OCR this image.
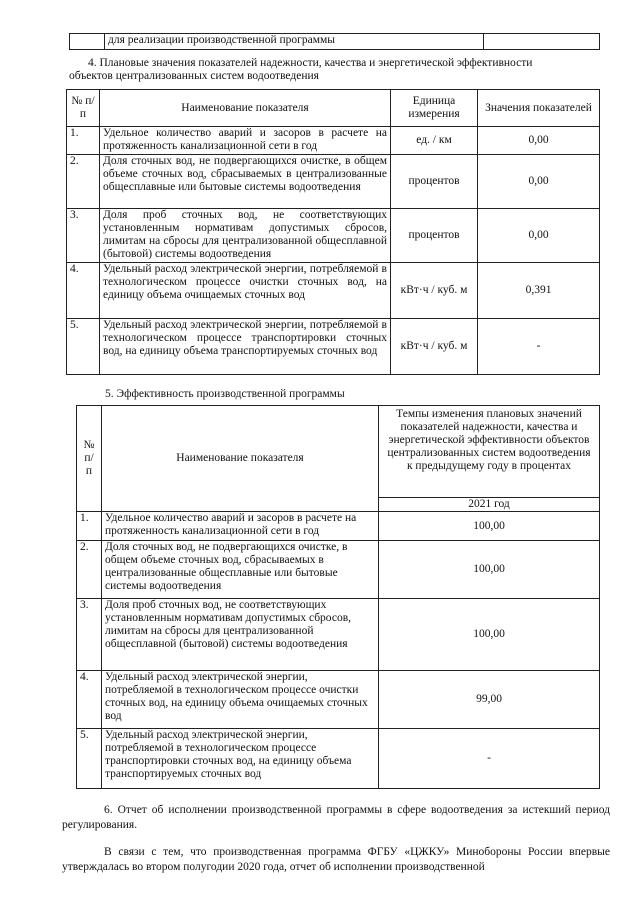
	для реализации производственной программы	
4. Плановые значения показателей надежности, качества и энергетической эффективности
объектов централизованных систем водоотведения
№ п/п	Наименование показателя	Единица измерения	Значения показателей
1.	Удельное количество аварий и засоров в расчете на протяженность канализационной сети в год	ед. / км	0,00
2.	Доля сточных вод, не подвергающихся очистке, в общем объеме сточных вод, сбрасываемых в централизованные общесплавные или бытовые системы водоотведения	процентов	0,00
3.	Доля проб сточных вод, не соответствующих установленным нормативам допустимых сбросов, лимитам на сбросы для централизованной общесплавной (бытовой) системы водоотведения	процентов	0,00
4.	Удельный расход электрической энергии, потребляемой в технологическом процессе очистки сточных вод, на единицу объема очищаемых сточных вод	кВт·ч / куб. м	0,391
5.	Удельный расход электрической энергии, потребляемой в технологическом процессе транспортировки сточных вод, на единицу объема транспортируемых сточных вод	кВт·ч / куб. м	-
5. Эффективность производственной программы
№ п/ п	Наименование показателя	Темпы изменения плановых значений показателей надежности, качества и энергетической эффективности объектов централизованных систем водоотведения к предыдущему году в процентах
		2021 год
1.	Удельное количество аварий и засоров в расчете на протяженность канализационной сети в год	100,00
2.	Доля сточных вод, не подвергающихся очистке, в общем объеме сточных вод, сбрасываемых в централизованные общесплавные или бытовые системы водоотведения	100,00
3.	Доля проб сточных вод, не соответствующих установленным нормативам допустимых сбросов, лимитам на сбросы для централизованной общесплавной (бытовой) системы водоотведения	100,00
4.	Удельный расход электрической энергии, потребляемой в технологическом процессе очистки сточных вод, на единицу объема очищаемых сточных вод	99,00
5.	Удельный расход электрической энергии, потребляемой в технологическом процессе транспортировки сточных вод, на единицу объема транспортируемых сточных вод	-
6. Отчет об исполнении производственной программы в сфере водоотведения за истекший период регулирования.
В связи с тем, что производственная программа ФГБУ «ЦЖКУ» Минобороны России впервые утверждалась во втором полугодии 2020 года, отчет об исполнении производственной
